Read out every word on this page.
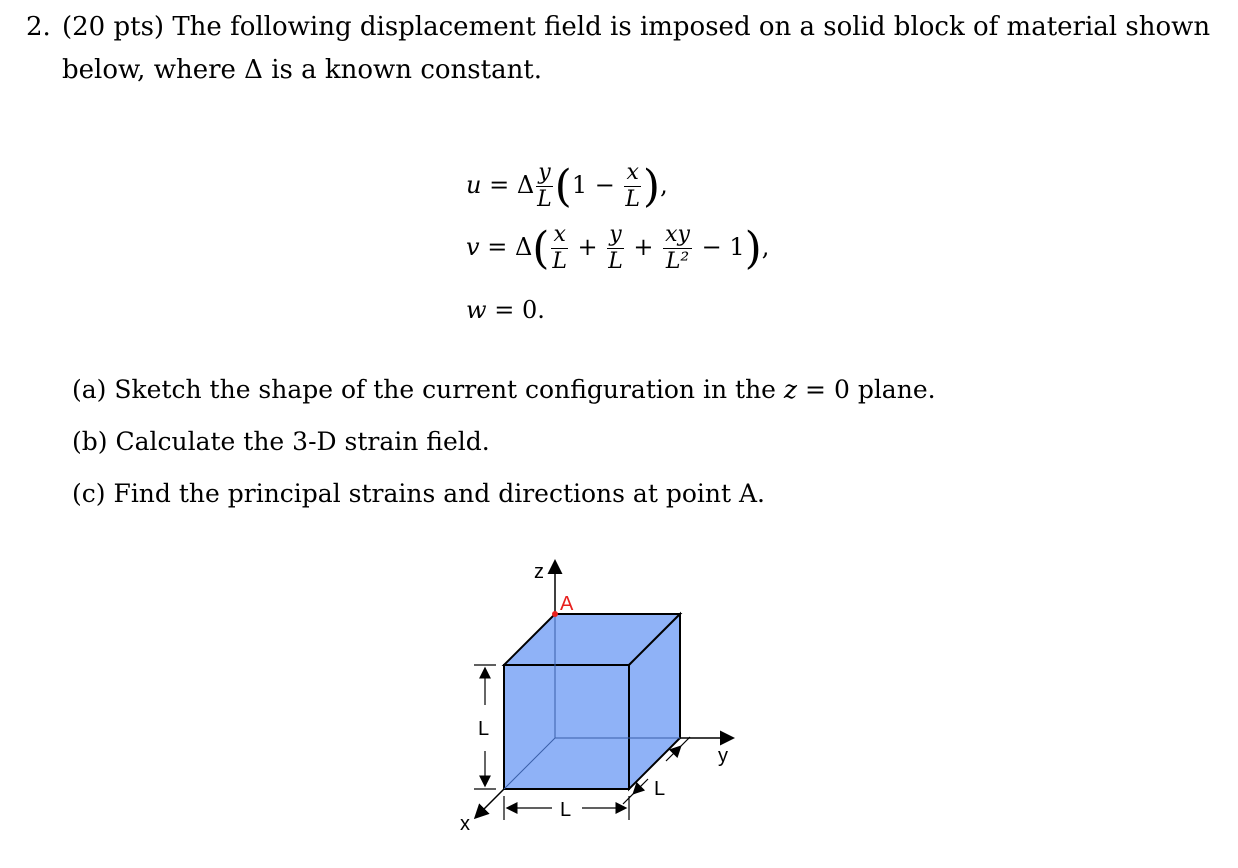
2. (20 pts) The following displacement field is imposed on a solid block of material shown below, where Δ is a known constant.
u = Δ $\frac{y}{L} (1 - \frac{x}{L}$ ),
$v = \Delta( \frac{x}{L} + \frac{y}{L} + \frac{xy}{\text{L²}} - 1)$,
w = 0.
(a) Sketch the shape of the current configuration in the z = 0 plane.
(b) Calculate the 3-D strain field.
(c) Find the principal strains and directions at point A.
z
y
x
A
L
L
L
